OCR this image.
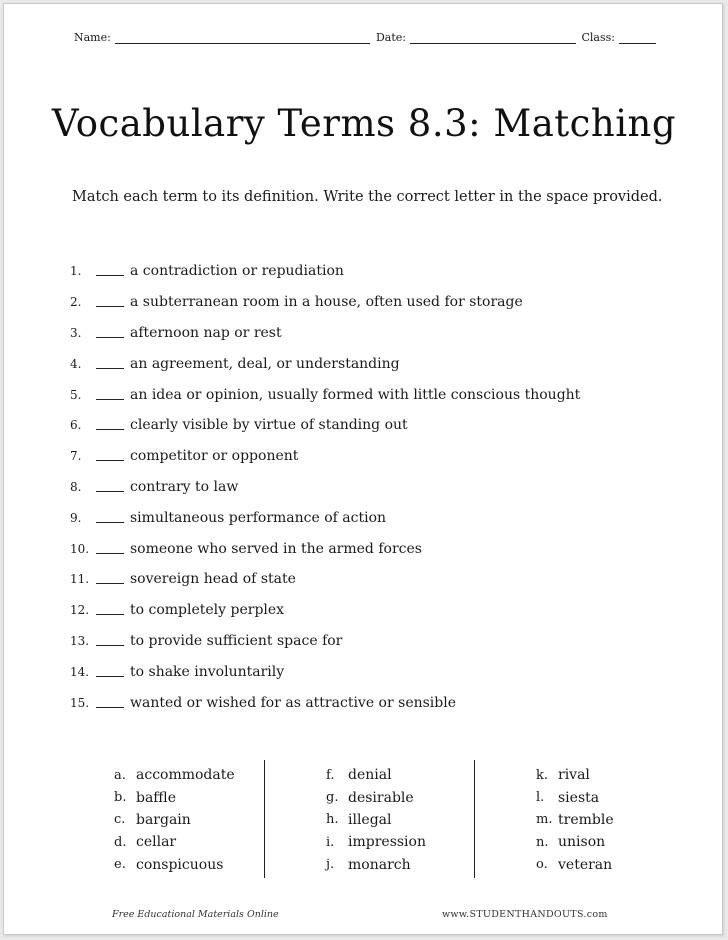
Name:	Date:	Class:
Vocabulary Terms 8.3: Matching
Match each term to its definition. Write the correct letter in the space provided.
1.	a contradiction or repudiation
2.	a subterranean room in a house, often used for storage
3.	afternoon nap or rest
4.	an agreement, deal, or understanding
5.	an idea or opinion, usually formed with little conscious thought
6.	clearly visible by virtue of standing out
7.	competitor or opponent
8.	contrary to law
9.	simultaneous performance of action
10.	someone who served in the armed forces
11.	sovereign head of state
12.	to completely perplex
13.	to provide sufficient space for
14.	to shake involuntarily
15.	wanted or wished for as attractive or sensible
a. accommodate
b. baffle
c. bargain
d. cellar
e. conspicuous
f. denial
g. desirable
h. illegal
i. impression
j. monarch
k. rival
l. siesta
m. tremble
n. unison
o. veteran
Free Educational Materials Online	www.STUDENTHANDOUTS.com
